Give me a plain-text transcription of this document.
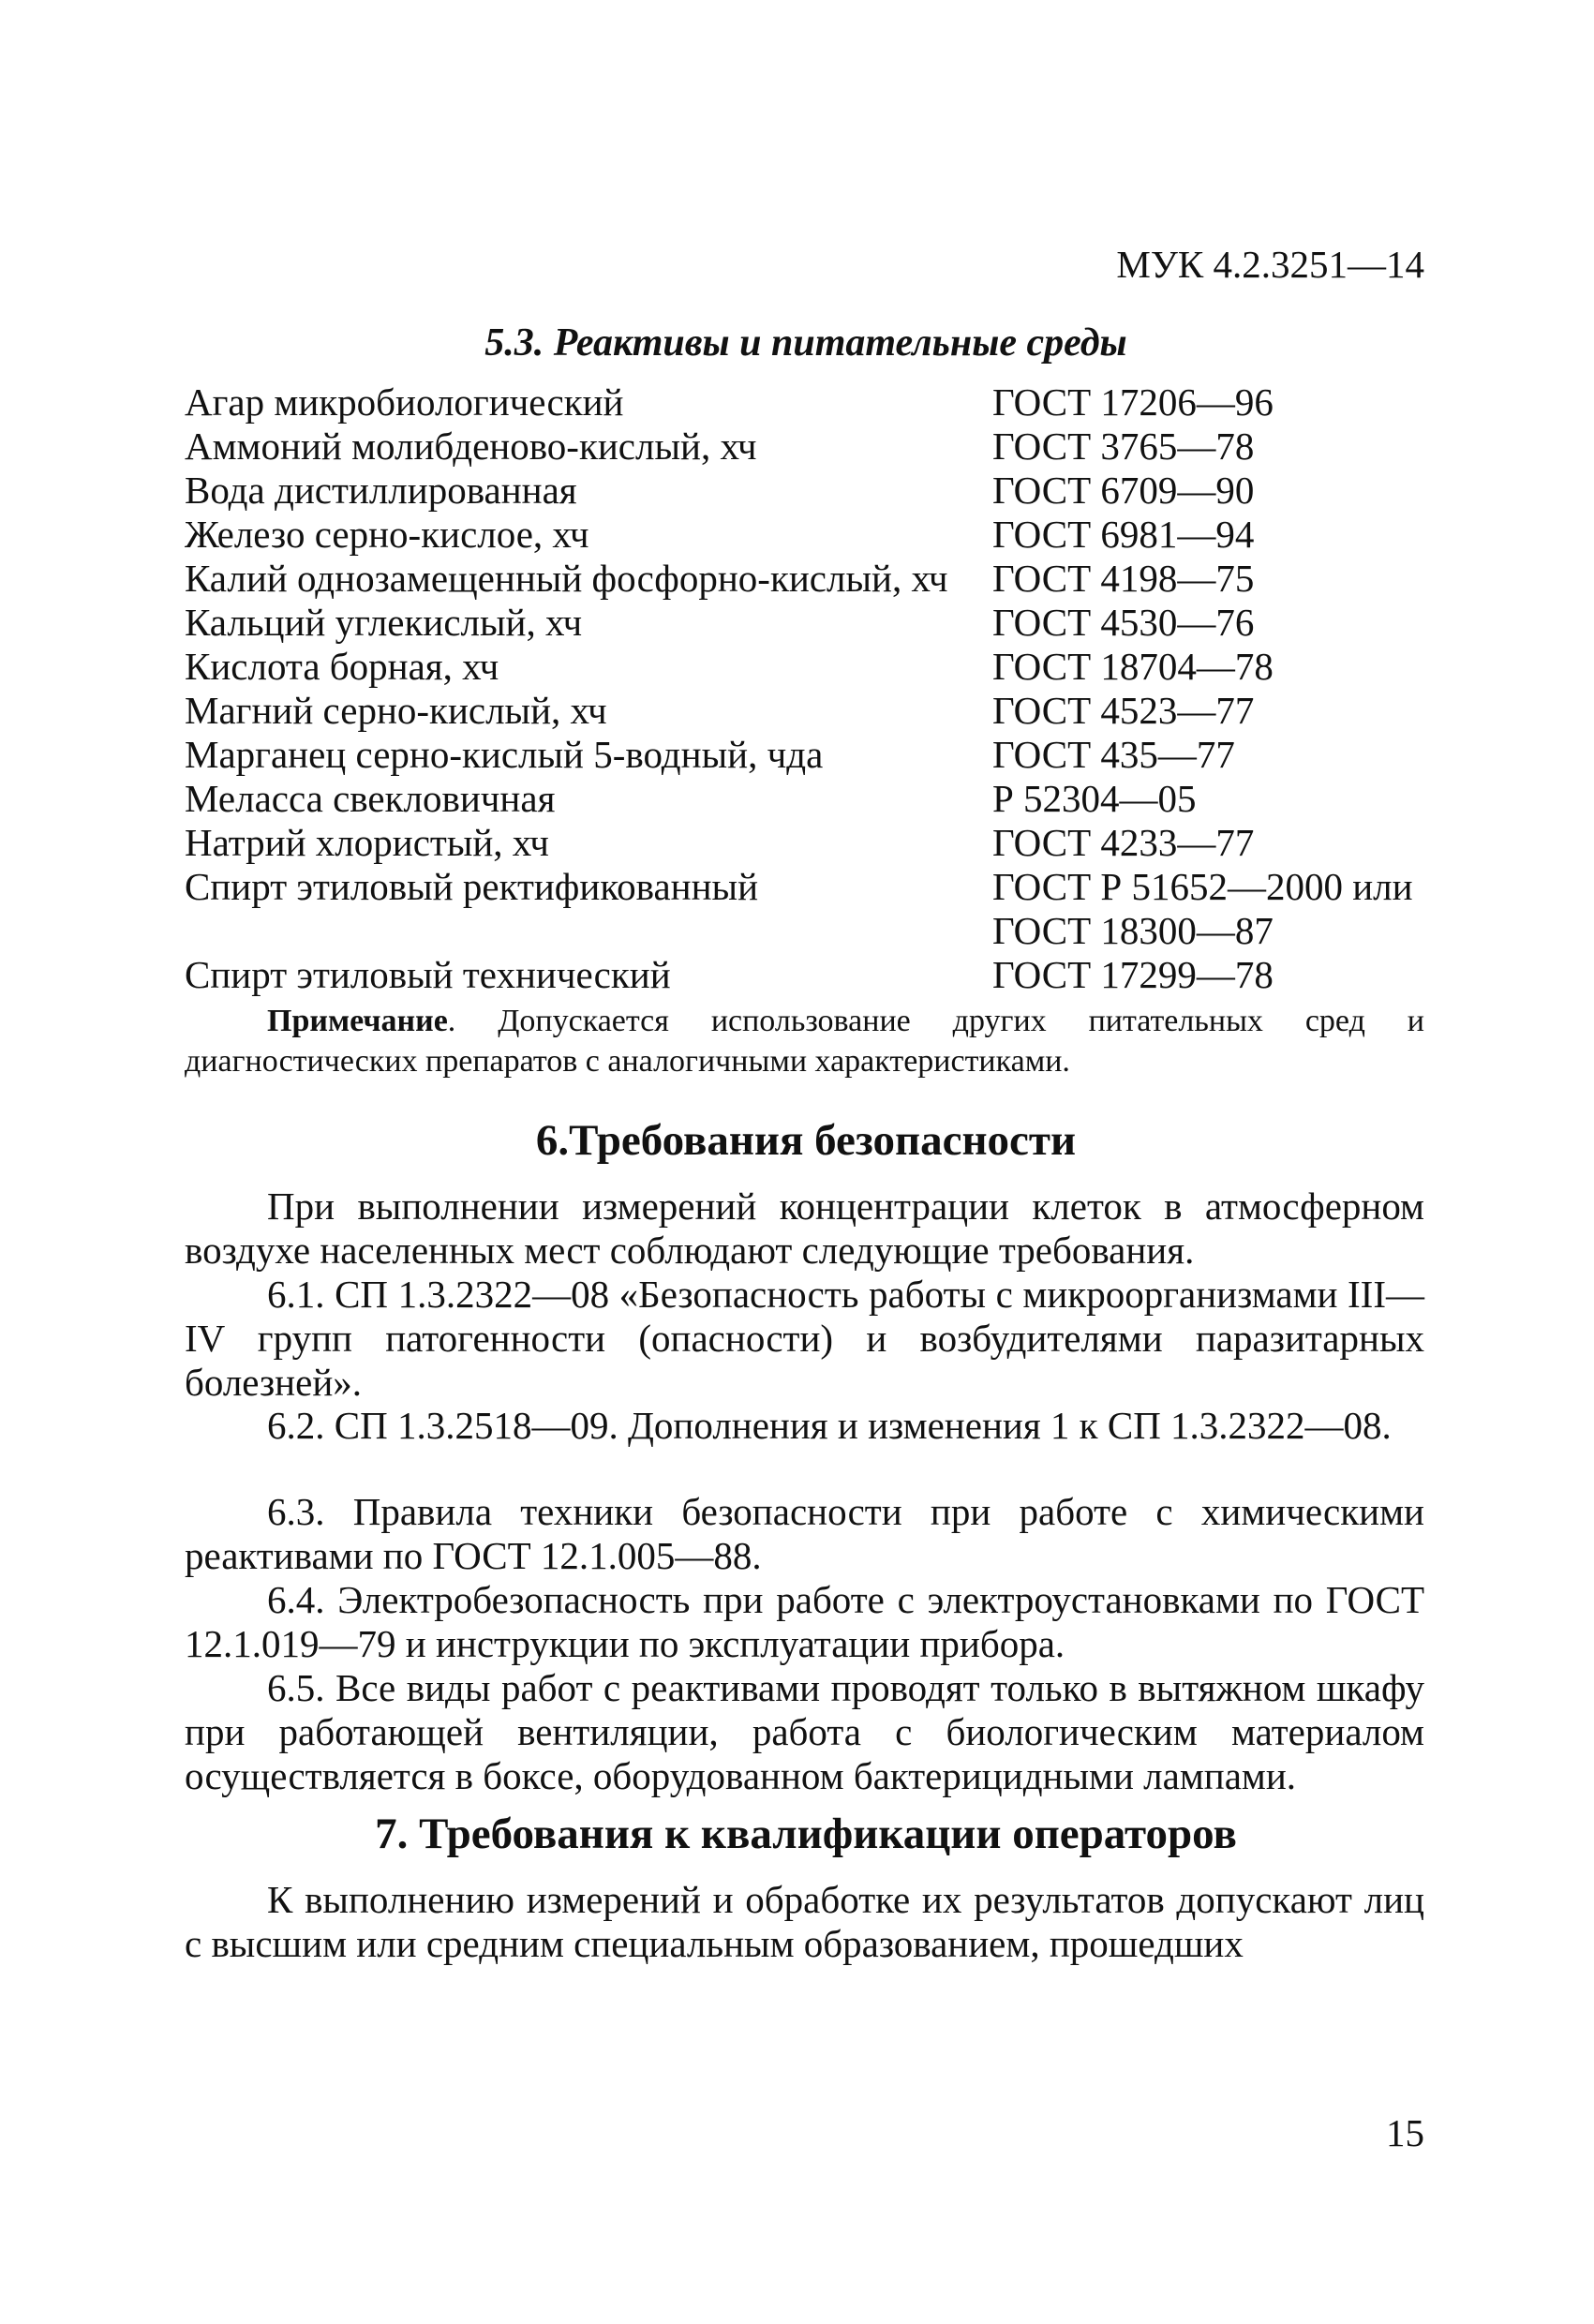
МУК 4.2.3251—14
5.3. Реактивы и питательные среды
Агар микробиологический	ГОСТ 17206—96
Аммоний молибденово-кислый, хч	ГОСТ 3765—78
Вода дистиллированная	ГОСТ 6709—90
Железо серно-кислое, хч	ГОСТ 6981—94
Калий однозамещенный фосфорно-кислый, хч ГОСТ 4198—75
Кальций углекислый, хч	ГОСТ 4530—76
Кислота борная, хч	ГОСТ 18704—78
Магний серно-кислый, хч	ГОСТ 4523—77
Марганец серно-кислый 5-водный, чда	ГОСТ 435—77
Меласса свекловичная	Р 52304—05
Натрий хлористый, хч	ГОСТ 4233—77
Спирт этиловый ректификованный	ГОСТ Р 51652—2000 или
ГОСТ 18300—87
Спирт этиловый технический	ГОСТ 17299—78
Примечание. Допускается использование других питательных сред и диагностических препаратов с аналогичными характеристиками.
6.Требования безопасности

При выполнении измерений концентрации клеток в атмосферном воздухе населенных мест соблюдают следующие требования.

6.1. СП 1.3.2322—08 «Безопасность работы с микроорганизмами III—IV групп патогенности (опасности) и возбудителями паразитарных болезней».

6.2. СП 1.3.2518—09. Дополнения и изменения 1 к СП 1.3.2322—08.

6.3. Правила техники безопасности при работе с химическими реактивами по ГОСТ 12.1.005—88.

6.4. Электробезопасность при работе с электроустановками по ГОСТ 12.1.019—79 и инструкции по эксплуатации прибора.

6.5. Все виды работ с реактивами проводят только в вытяжном шкафу при работающей вентиляции, работа с биологическим материалом осуществляется в боксе, оборудованном бактерицидными лампами.

7. Требования к квалификации операторов

К выполнению измерений и обработке их результатов допускают лиц с высшим или средним специальным образованием, прошедших

15
